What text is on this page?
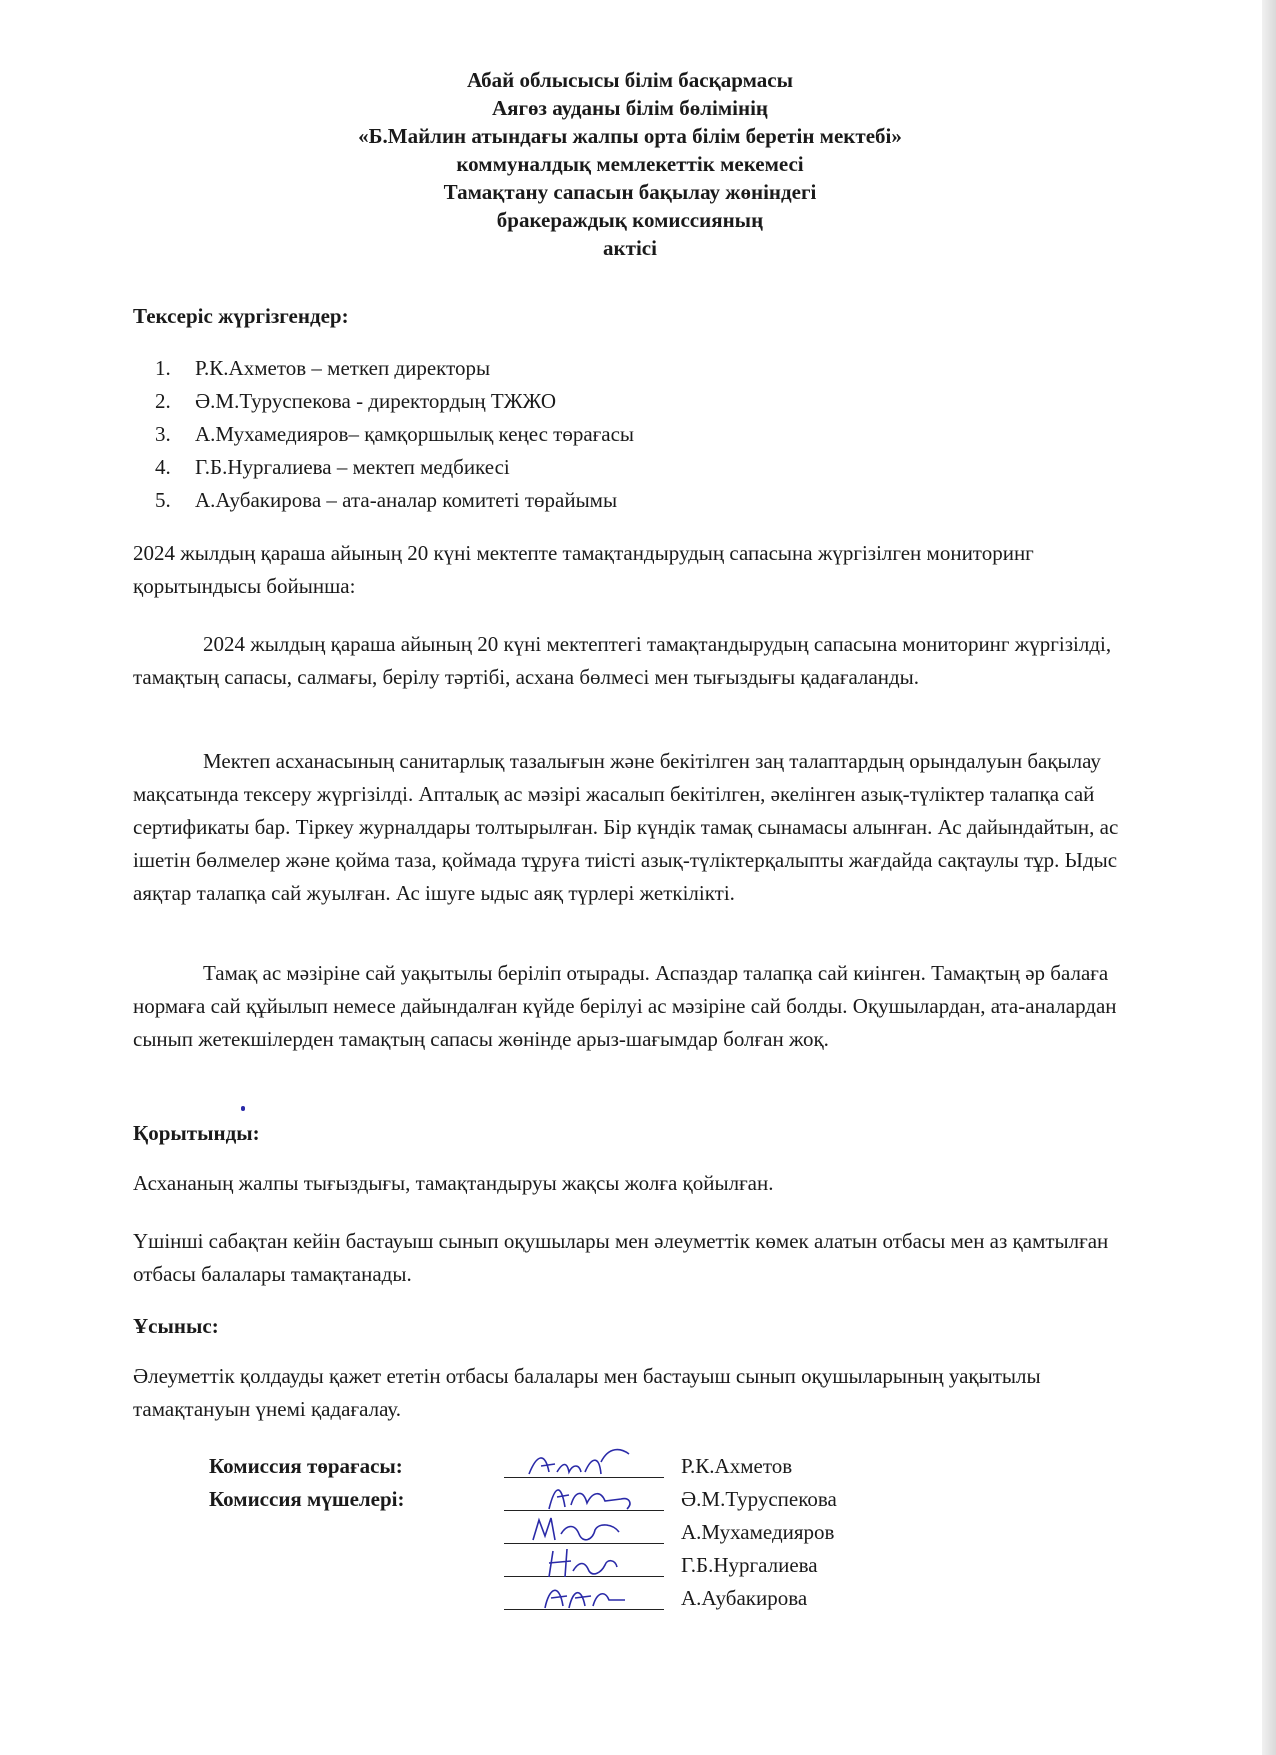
Абай облысысы білім басқармасы
Аягөз ауданы білім бөлімінің
«Б.Майлин атындағы жалпы орта білім беретін мектебі»
коммуналдық мемлекеттік мекемесі
Тамақтану сапасын бақылау жөніндегі
бракераждық комиссияның
актісі
Тексеріс жүргізгендер:
1.	Р.К.Ахметов – меткеп директоры
2.	Ә.М.Туруспекова - директордың ТЖЖО
3.	А.Мухамедияров– қамқоршылық кеңес төрағасы
4.	Г.Б.Нургалиева – мектеп медбикесі
5.	А.Аубакирова – ата-аналар комитеті төрайымы
2024 жылдың қараша айының 20 күні мектепте тамақтандырудың сапасына жүргізілген мониторинг қорытындысы бойынша:
2024 жылдың қараша айының 20 күні мектептегі тамақтандырудың сапасына мониторинг жүргізілді, тамақтың сапасы, салмағы, берілу тәртібі, асхана бөлмесі мен тығыздығы қадағаланды.
Мектеп асханасының санитарлық тазалығын және бекітілген заң талаптардың орындалуын бақылау мақсатында тексеру жүргізілді. Апталық ас мәзірі жасалып бекітілген, әкелінген азық-түліктер талапқа сай сертификаты бар. Тіркеу журналдары толтырылған. Бір күндік тамақ сынамасы алынған. Ас дайындайтын, ас ішетін бөлмелер және қойма таза, қоймада тұруға тиісті азық-түліктерқалыпты жағдайда сақтаулы тұр. Ыдыс аяқтар талапқа сай жуылған. Ас ішуге ыдыс аяқ түрлері жеткілікті.
Тамақ ас мәзіріне сай уақытылы беріліп отырады. Аспаздар талапқа сай киінген. Тамақтың әр балаға нормаға сай құйылып немесе дайындалған күйде берілуі ас мәзіріне сай болды. Оқушылардан, ата-аналардан сынып жетекшілерден тамақтың сапасы жөнінде арыз-шағымдар болған жоқ.
Қорытынды:
Асхананың жалпы тығыздығы, тамақтандыруы жақсы жолға қойылған.
Үшінші сабақтан кейін бастауыш сынып оқушылары мен әлеуметтік көмек алатын отбасы мен аз қамтылған отбасы балалары тамақтанады.
Ұсыныс:
Әлеуметтік қолдауды қажет ететін отбасы балалары мен бастауыш сынып оқушыларының уақытылы тамақтануын үнемі қадағалау.
Комиссия төрағасы:	Р.К.Ахметов
Комиссия мүшелері:	Ә.М.Туруспекова
А.Мухамедияров
Г.Б.Нургалиева
А.Аубакирова
